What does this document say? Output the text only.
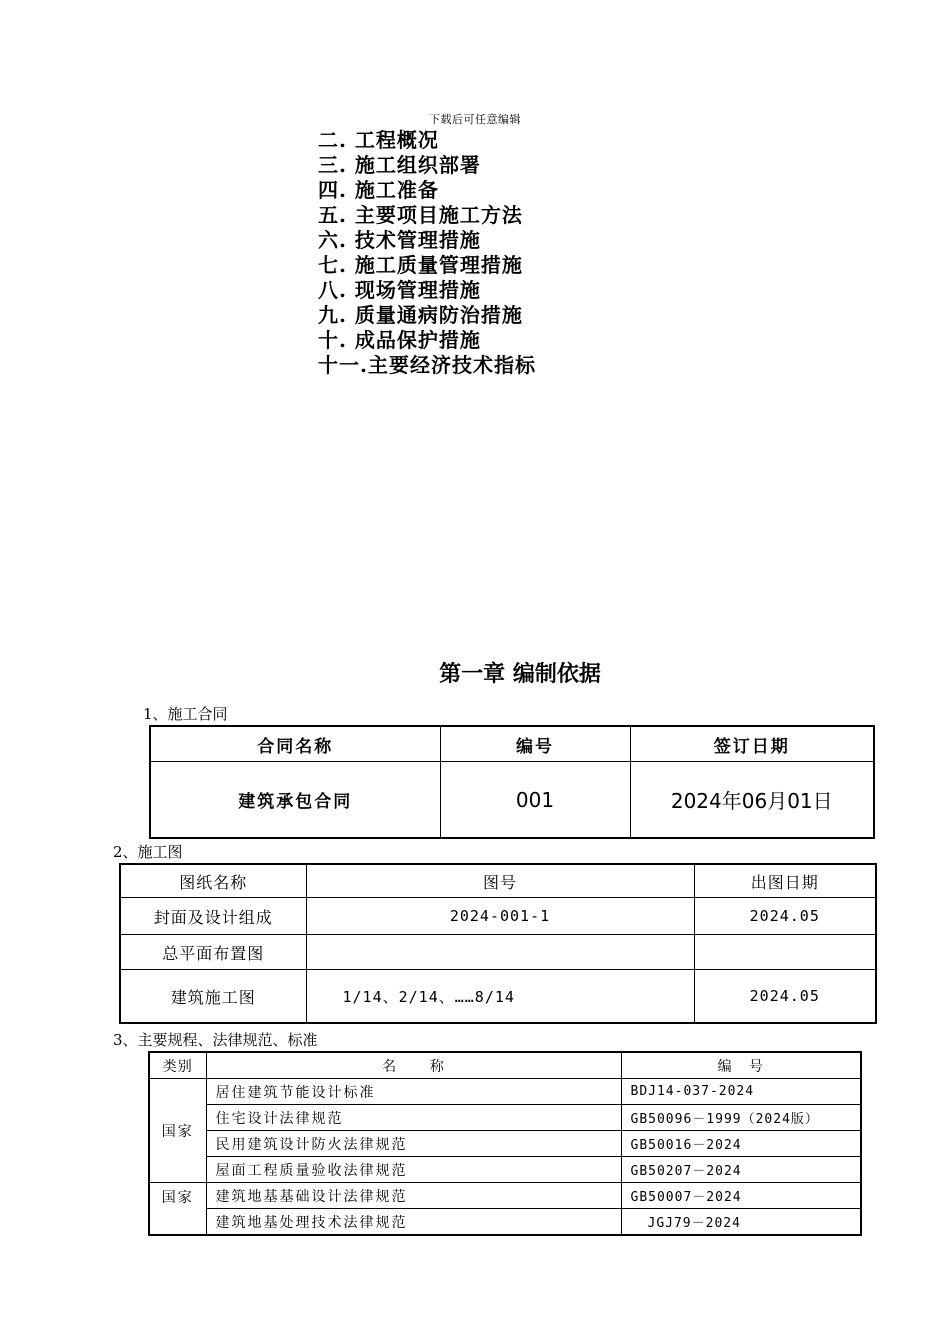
下载后可任意编辑
二. 工程概况
三. 施工组织部署
四. 施工准备
五. 主要项目施工方法
六. 技术管理措施
七. 施工质量管理措施
八. 现场管理措施
九. 质量通病防治措施
十. 成品保护措施
十一.主要经济技术指标
第一章 编制依据
1、施工合同
合同名称	编号	签订日期
建筑承包合同	001	2024年06月01日
2、施工图
图纸名称	图号	出图日期
封面及设计组成	2024-001-1	2024.05
总平面布置图		
建筑施工图	1/14、2/14、……8/14	2024.05
3、主要规程、法律规范、标准
类别	名      称	编   号
国家	居住建筑节能设计标准	BDJ14-037-2024
	住宅设计法律规范	GB50096－1999（2024版）
	民用建筑设计防火法律规范	GB50016－2024
	屋面工程质量验收法律规范	GB50207－2024
国家	建筑地基基础设计法律规范	GB50007－2024
	建筑地基处理技术法律规范	JGJ79－2024
